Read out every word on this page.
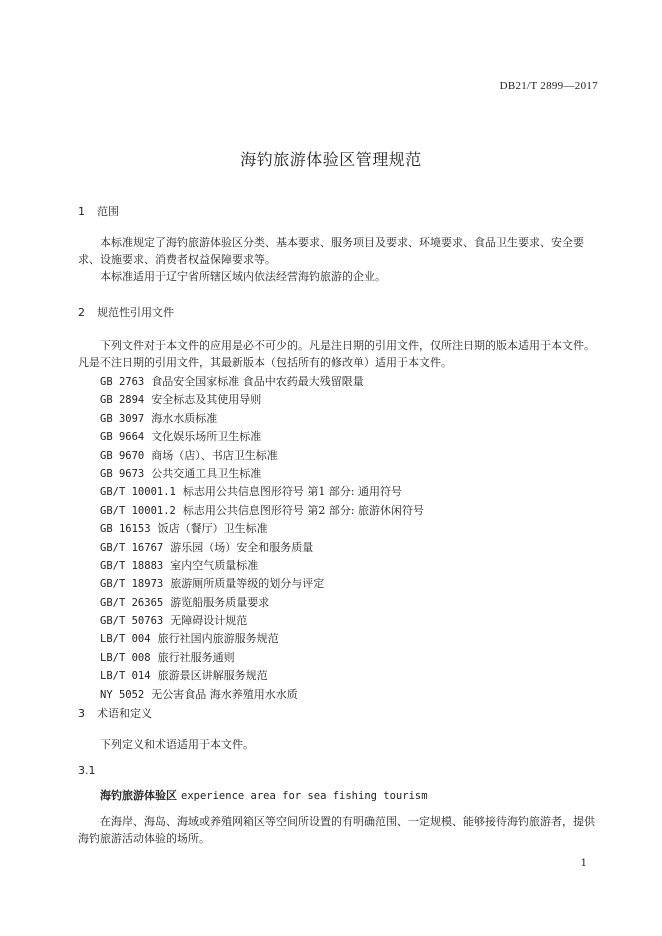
DB21/T 2899—2017
海钓旅游体验区管理规范
1 范围

本标准规定了海钓旅游体验区分类、基本要求、服务项目及要求、环境要求、食品卫生要求、安全要求、设施要求、消费者权益保障要求等。

本标准适用于辽宁省所辖区域内依法经营海钓旅游的企业。

2 规范性引用文件

下列文件对于本文件的应用是必不可少的。凡是注日期的引用文件，仅所注日期的版本适用于本文件。凡是不注日期的引用文件，其最新版本（包括所有的修改单）适用于本文件。

GB 2763 食品安全国家标准 食品中农药最大残留限量
GB 2894 安全标志及其使用导则
GB 3097 海水水质标准
GB 9664 文化娱乐场所卫生标准
GB 9670 商场（店）、书店卫生标准
GB 9673 公共交通工具卫生标准
GB/T 10001.1 标志用公共信息图形符号 第1 部分: 通用符号
GB/T 10001.2 标志用公共信息图形符号 第2 部分: 旅游休闲符号
GB 16153 饭店（餐厅）卫生标准
GB/T 16767 游乐园（场）安全和服务质量
GB/T 18883 室内空气质量标准
GB/T 18973 旅游厕所质量等级的划分与评定
GB/T 26365 游览船服务质量要求
GB/T 50763 无障碍设计规范
LB/T 004 旅行社国内旅游服务规范
LB/T 008 旅行社服务通则
LB/T 014 旅游景区讲解服务规范
NY 5052 无公害食品 海水养殖用水水质
3 术语和定义

下列定义和术语适用于本文件。

3.1
海钓旅游体验区 experience area for sea fishing tourism

在海岸、海岛、海域或养殖网箱区等空间所设置的有明确范围、一定规模、能够接待海钓旅游者，提供海钓旅游活动体验的场所。

1
